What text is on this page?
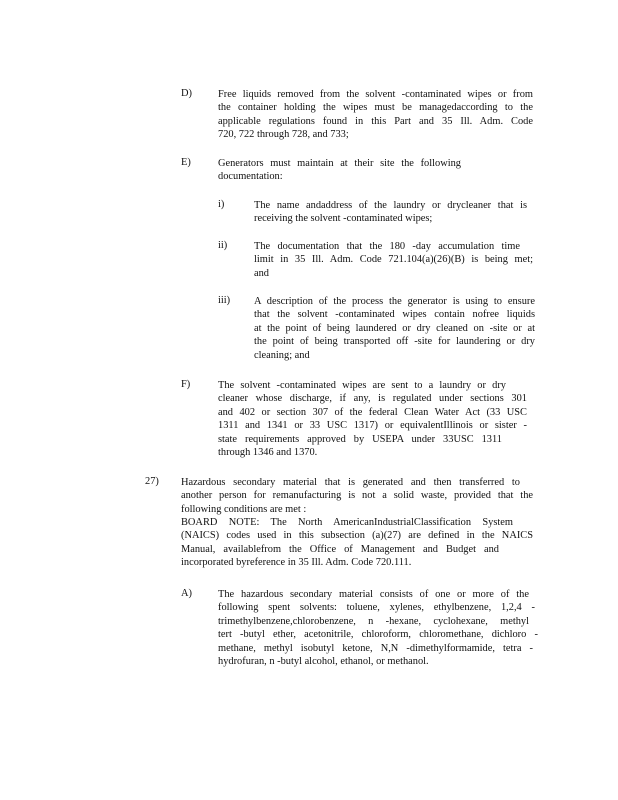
D)	Free liquids removed from the solvent -contaminated wipes or from
the container holding the wipes must be managedaccording to the
applicable regulations found in this Part and 35 Ill. Adm. Code
720, 722 through 728, and 733;
E)	Generators must maintain at their site the following
documentation:
i)	The name andaddress of the laundry or drycleaner that is
receiving the solvent -contaminated wipes;
ii)	The documentation that the 180 -day accumulation time
limit in 35 Ill. Adm. Code 721.104(a)(26)(B) is being met;
and
iii) A description of the process the generator is using to ensure
that the solvent -contaminated wipes contain nofree liquids
at the point of being laundered or dry cleaned on -site or at
the point of being transported off -site for laundering or dry
cleaning; and
F)	The solvent -contaminated wipes are sent to a laundry or dry
cleaner whose discharge, if any, is regulated under sections 301
and 402 or section 307 of the federal Clean Water Act (33 USC
1311 and 1341 or 33 USC 1317) or equivalentIllinois or sister -
state requirements approved by USEPA under 33USC 1311
through 1346 and 1370.
27) Hazardous secondary material that is generated and then transferred to
another person for remanufacturing is not a solid waste, provided that the
following conditions are met :
BOARD NOTE: The North AmericanIndustrialClassification System
(NAICS) codes used in this subsection (a)(27) are defined in the NAICS
Manual, availablefrom the Office of Management and Budget and
incorporated byreference in 35 Ill. Adm. Code 720.111.
A)	The hazardous secondary material consists of one or more of the
following spent solvents: toluene, xylenes, ethylbenzene, 1,2,4 -
trimethylbenzene,chlorobenzene, n -hexane, cyclohexane, methyl
tert -butyl ether, acetonitrile, chloroform, chloromethane, dichloro -
methane, methyl isobutyl ketone, N,N -dimethylformamide, tetra -
hydrofuran, n -butyl alcohol, ethanol, or methanol.
